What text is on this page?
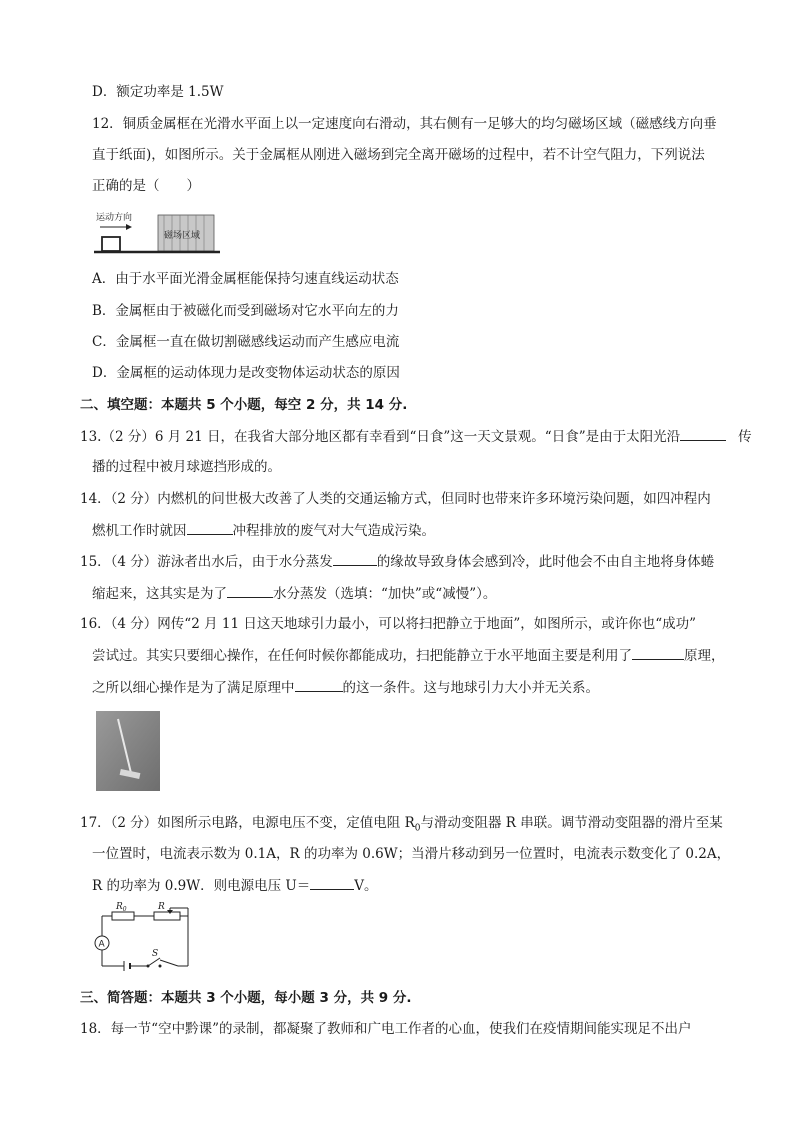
D．额定功率是 1.5W
12．铜质金属框在光滑水平面上以一定速度向右滑动，其右侧有一足够大的均匀磁场区域（磁感线方向垂
直于纸面)，如图所示。关于金属框从刚进入磁场到完全离开磁场的过程中，若不计空气阻力，下列说法
正确的是（　　）
运动方向
磁场区域
A．由于水平面光滑金属框能保持匀速直线运动状态
B．金属框由于被磁化而受到磁场对它水平向左的力
C．金属框一直在做切割磁感线运动而产生感应电流
D．金属框的运动体现力是改变物体运动状态的原因
二、填空题：本题共 5 个小题，每空 2 分，共 14 分.
13.（2 分）6 月 21 日，在我省大部分地区都有幸看到“日食”这一天文景观。“日食”是由于太阳光沿	传
播的过程中被月球遮挡形成的。
14．（2 分）内燃机的问世极大改善了人类的交通运输方式，但同时也带来许多环境污染问题，如四冲程内
燃机工作时就因	冲程排放的废气对大气造成污染。
15．（4 分）游泳者出水后，由于水分蒸发	的缘故导致身体会感到冷，此时他会不由自主地将身体蜷
缩起来，这其实是为了	水分蒸发（选填：“加快”或“减慢”）。
16．（4 分）网传“2 月 11 日这天地球引力最小，可以将扫把静立于地面”，如图所示，或许你也“成功”
尝试过。其实只要细心操作，在任何时候你都能成功，扫把能静立于水平地面主要是利用了	原理，
之所以细心操作是为了满足原理中	的这一条件。这与地球引力大小并无关系。
17．（2 分）如图所示电路，电源电压不变，定值电阻 $R_0$与滑动变阻器 R 串联。调节滑动变阻器的滑片至某
一位置时，电流表示数为 0.1A，R 的功率为 0.6W；当滑片移动到另一位置时，电流表示数变化了 0.2A，
R 的功率为 0.9W．则电源电压 U＝	V。
A
S
$R_0$	R
三、简答题：本题共 3 个小题，每小题 3 分，共 9 分.
18．每一节“空中黔课”的录制，都凝聚了教师和广电工作者的心血，使我们在疫情期间能实现足不出户
